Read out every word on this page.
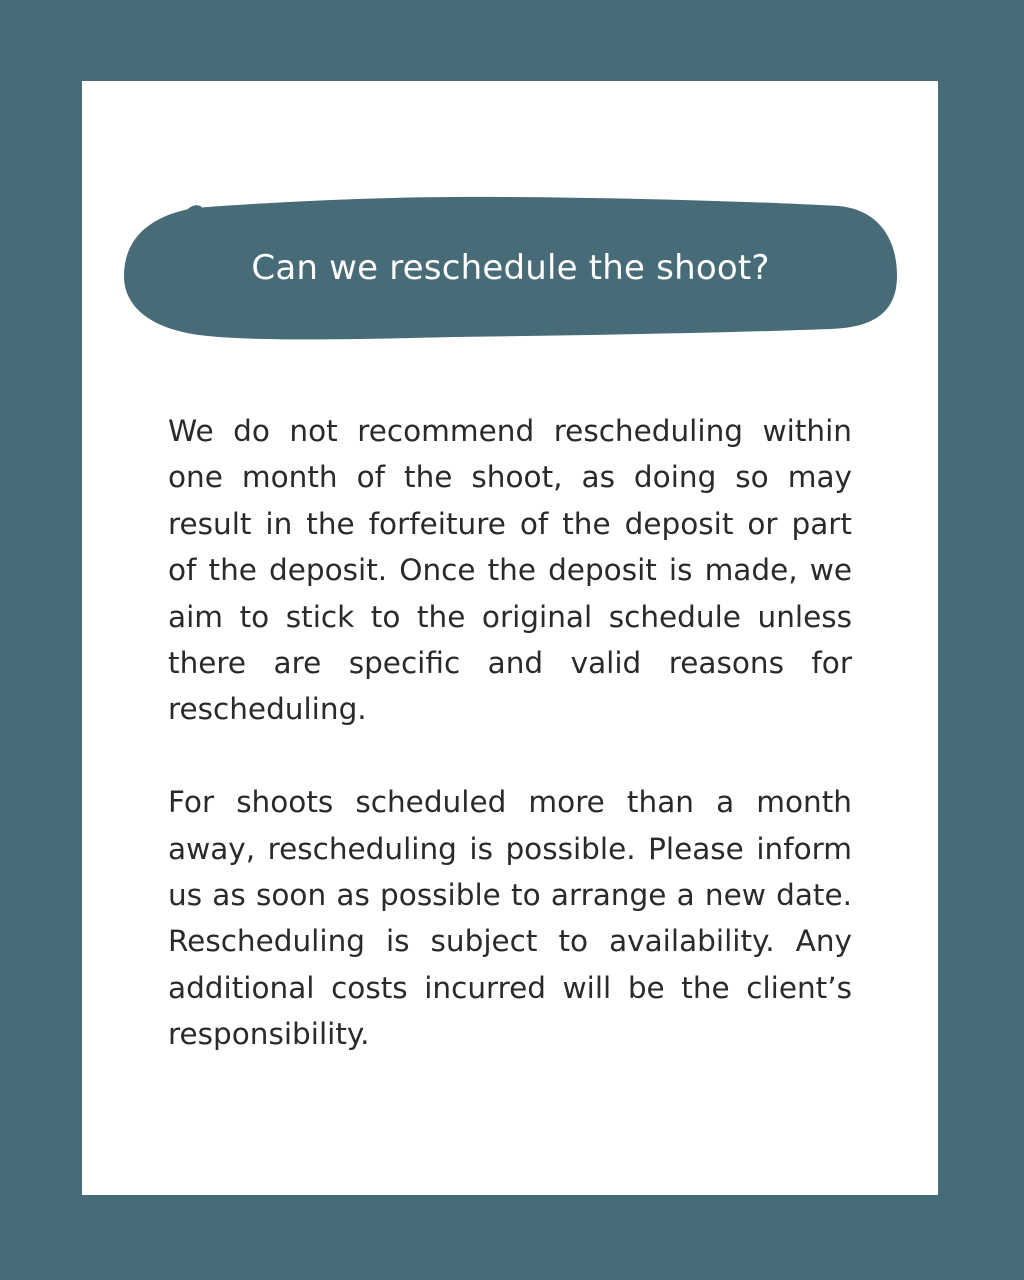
Can we reschedule the shoot?

We do not recommend rescheduling within one month of the shoot, as doing so may result in the forfeiture of the deposit or part of the deposit. Once the deposit is made, we aim to stick to the original schedule unless there are specific and valid reasons for rescheduling.

For shoots scheduled more than a month away, rescheduling is possible. Please inform us as soon as possible to arrange a new date. Rescheduling is subject to availability. Any additional costs incurred will be the client’s responsibility.
